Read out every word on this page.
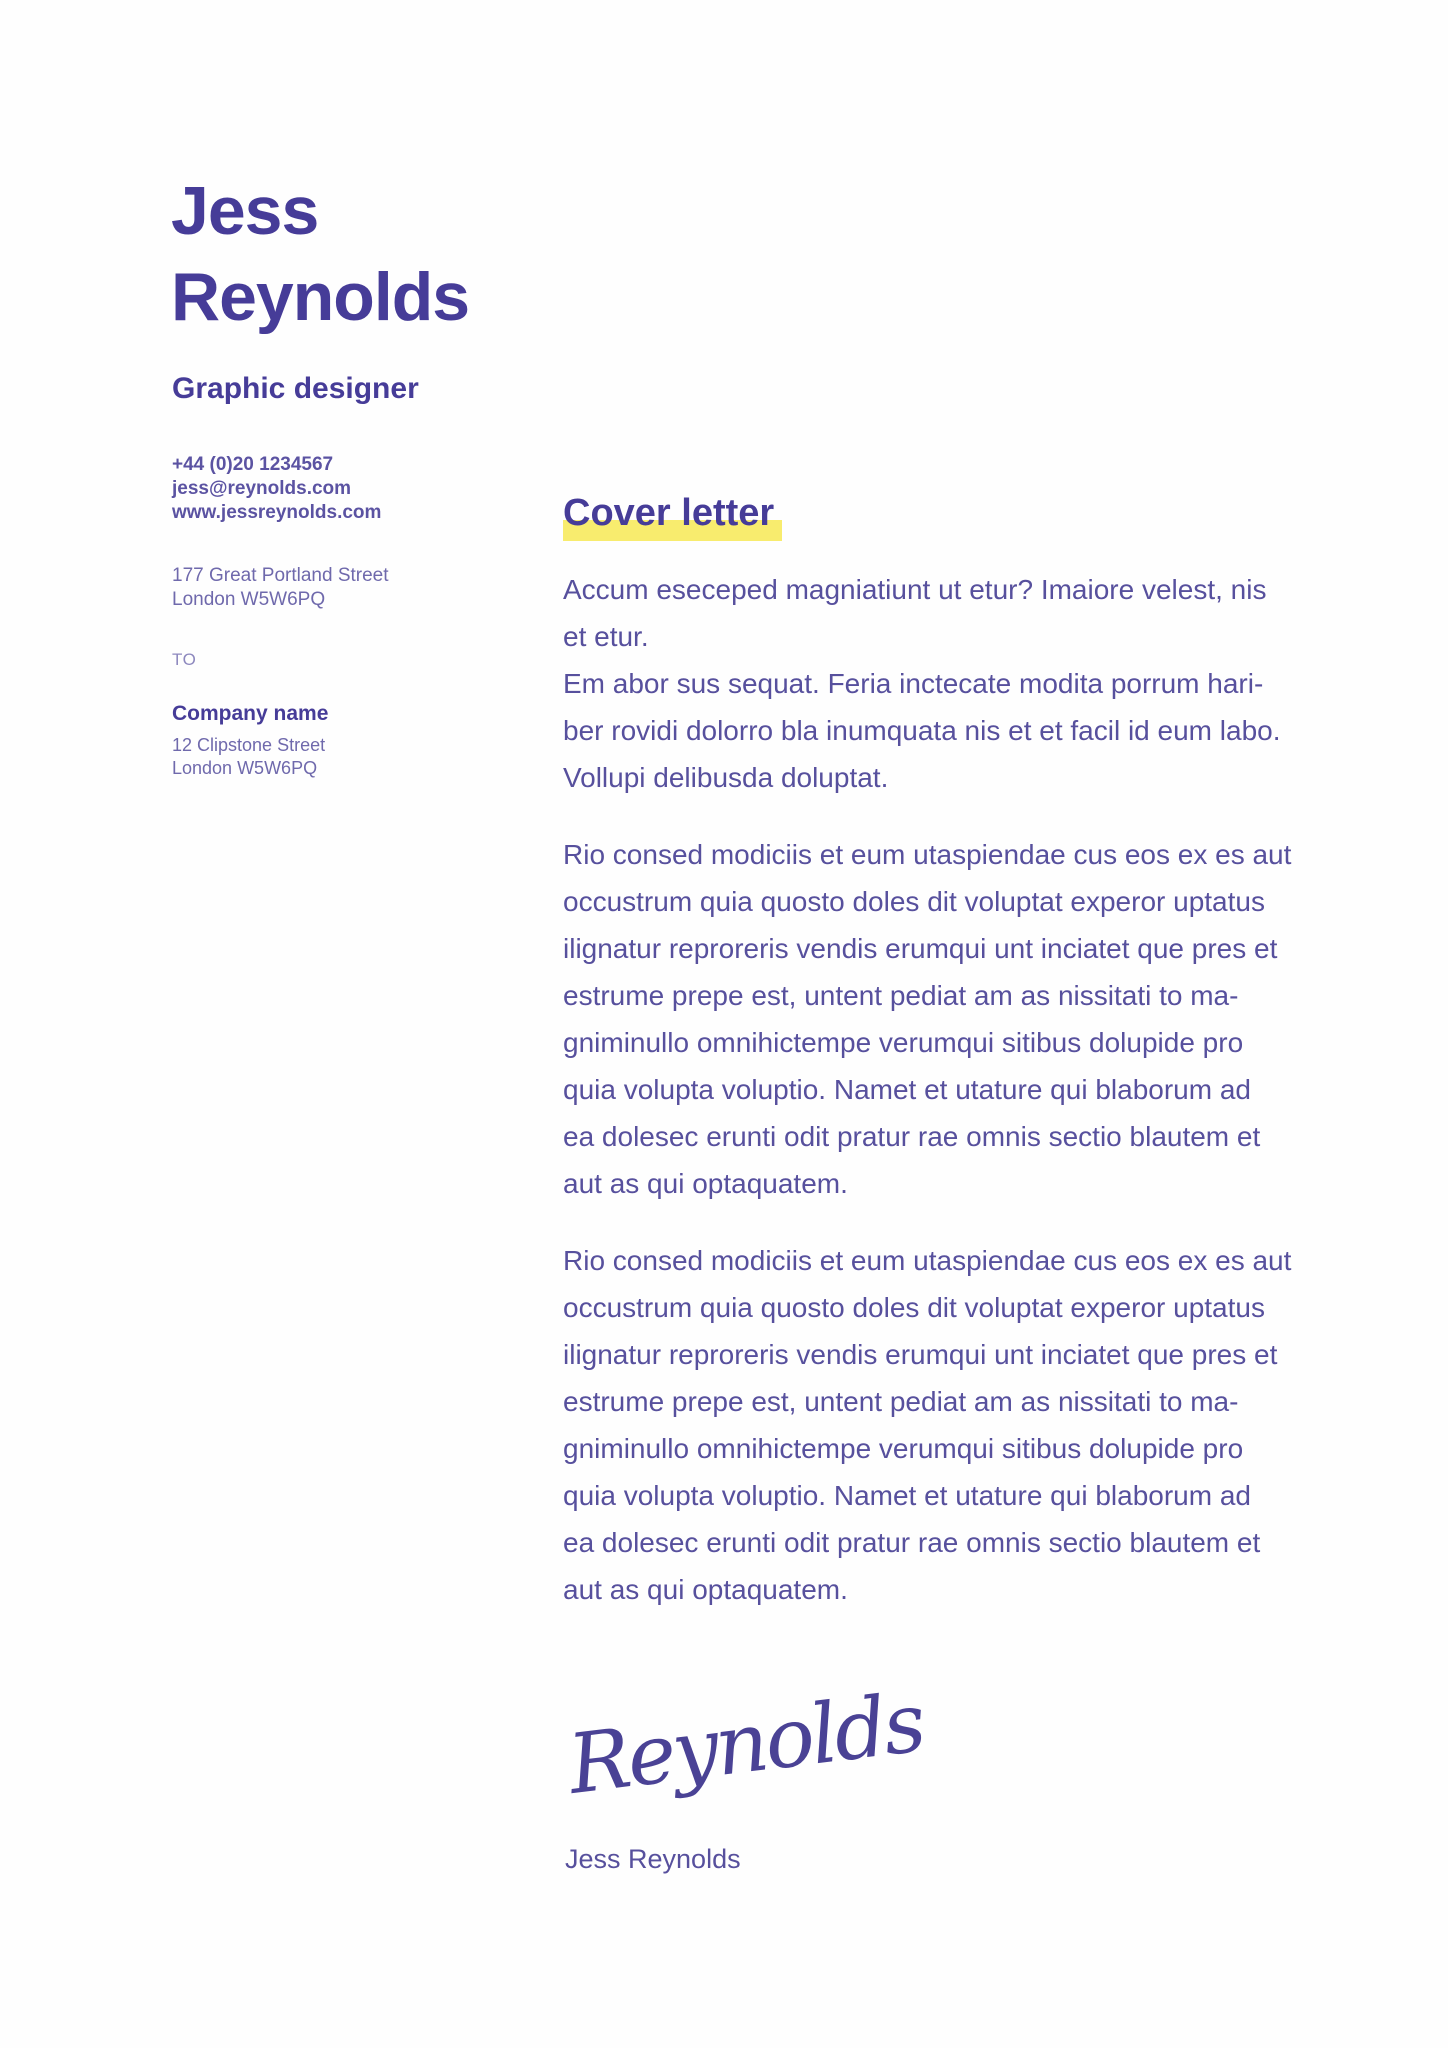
Jess
Reynolds
Graphic designer
+44 (0)20 1234567
jess@reynolds.com
www.jessreynolds.com
177 Great Portland Street
London W5W6PQ
TO
Company name
12 Clipstone Street
London W5W6PQ
Cover letter
Accum eseceped magniatiunt ut etur? Imaiore velest, nis
et etur.
Em abor sus sequat. Feria inctecate modita porrum hari-
ber rovidi dolorro bla inumquata nis et et facil id eum labo.
Vollupi delibusda doluptat.
Rio consed modiciis et eum utaspiendae cus eos ex es aut
occustrum quia quosto doles dit voluptat experor uptatus
ilignatur reproreris vendis erumqui unt inciatet que pres et
estrume prepe est, untent pediat am as nissitati to ma-
gniminullo omnihictempe verumqui sitibus dolupide pro
quia volupta voluptio. Namet et utature qui blaborum ad
ea dolesec erunti odit pratur rae omnis sectio blautem et
aut as qui optaquatem.
Rio consed modiciis et eum utaspiendae cus eos ex es aut
occustrum quia quosto doles dit voluptat experor uptatus
ilignatur reproreris vendis erumqui unt inciatet que pres et
estrume prepe est, untent pediat am as nissitati to ma-
gniminullo omnihictempe verumqui sitibus dolupide pro
quia volupta voluptio. Namet et utature qui blaborum ad
ea dolesec erunti odit pratur rae omnis sectio blautem et
aut as qui optaquatem.
Reynolds
Jess Reynolds
